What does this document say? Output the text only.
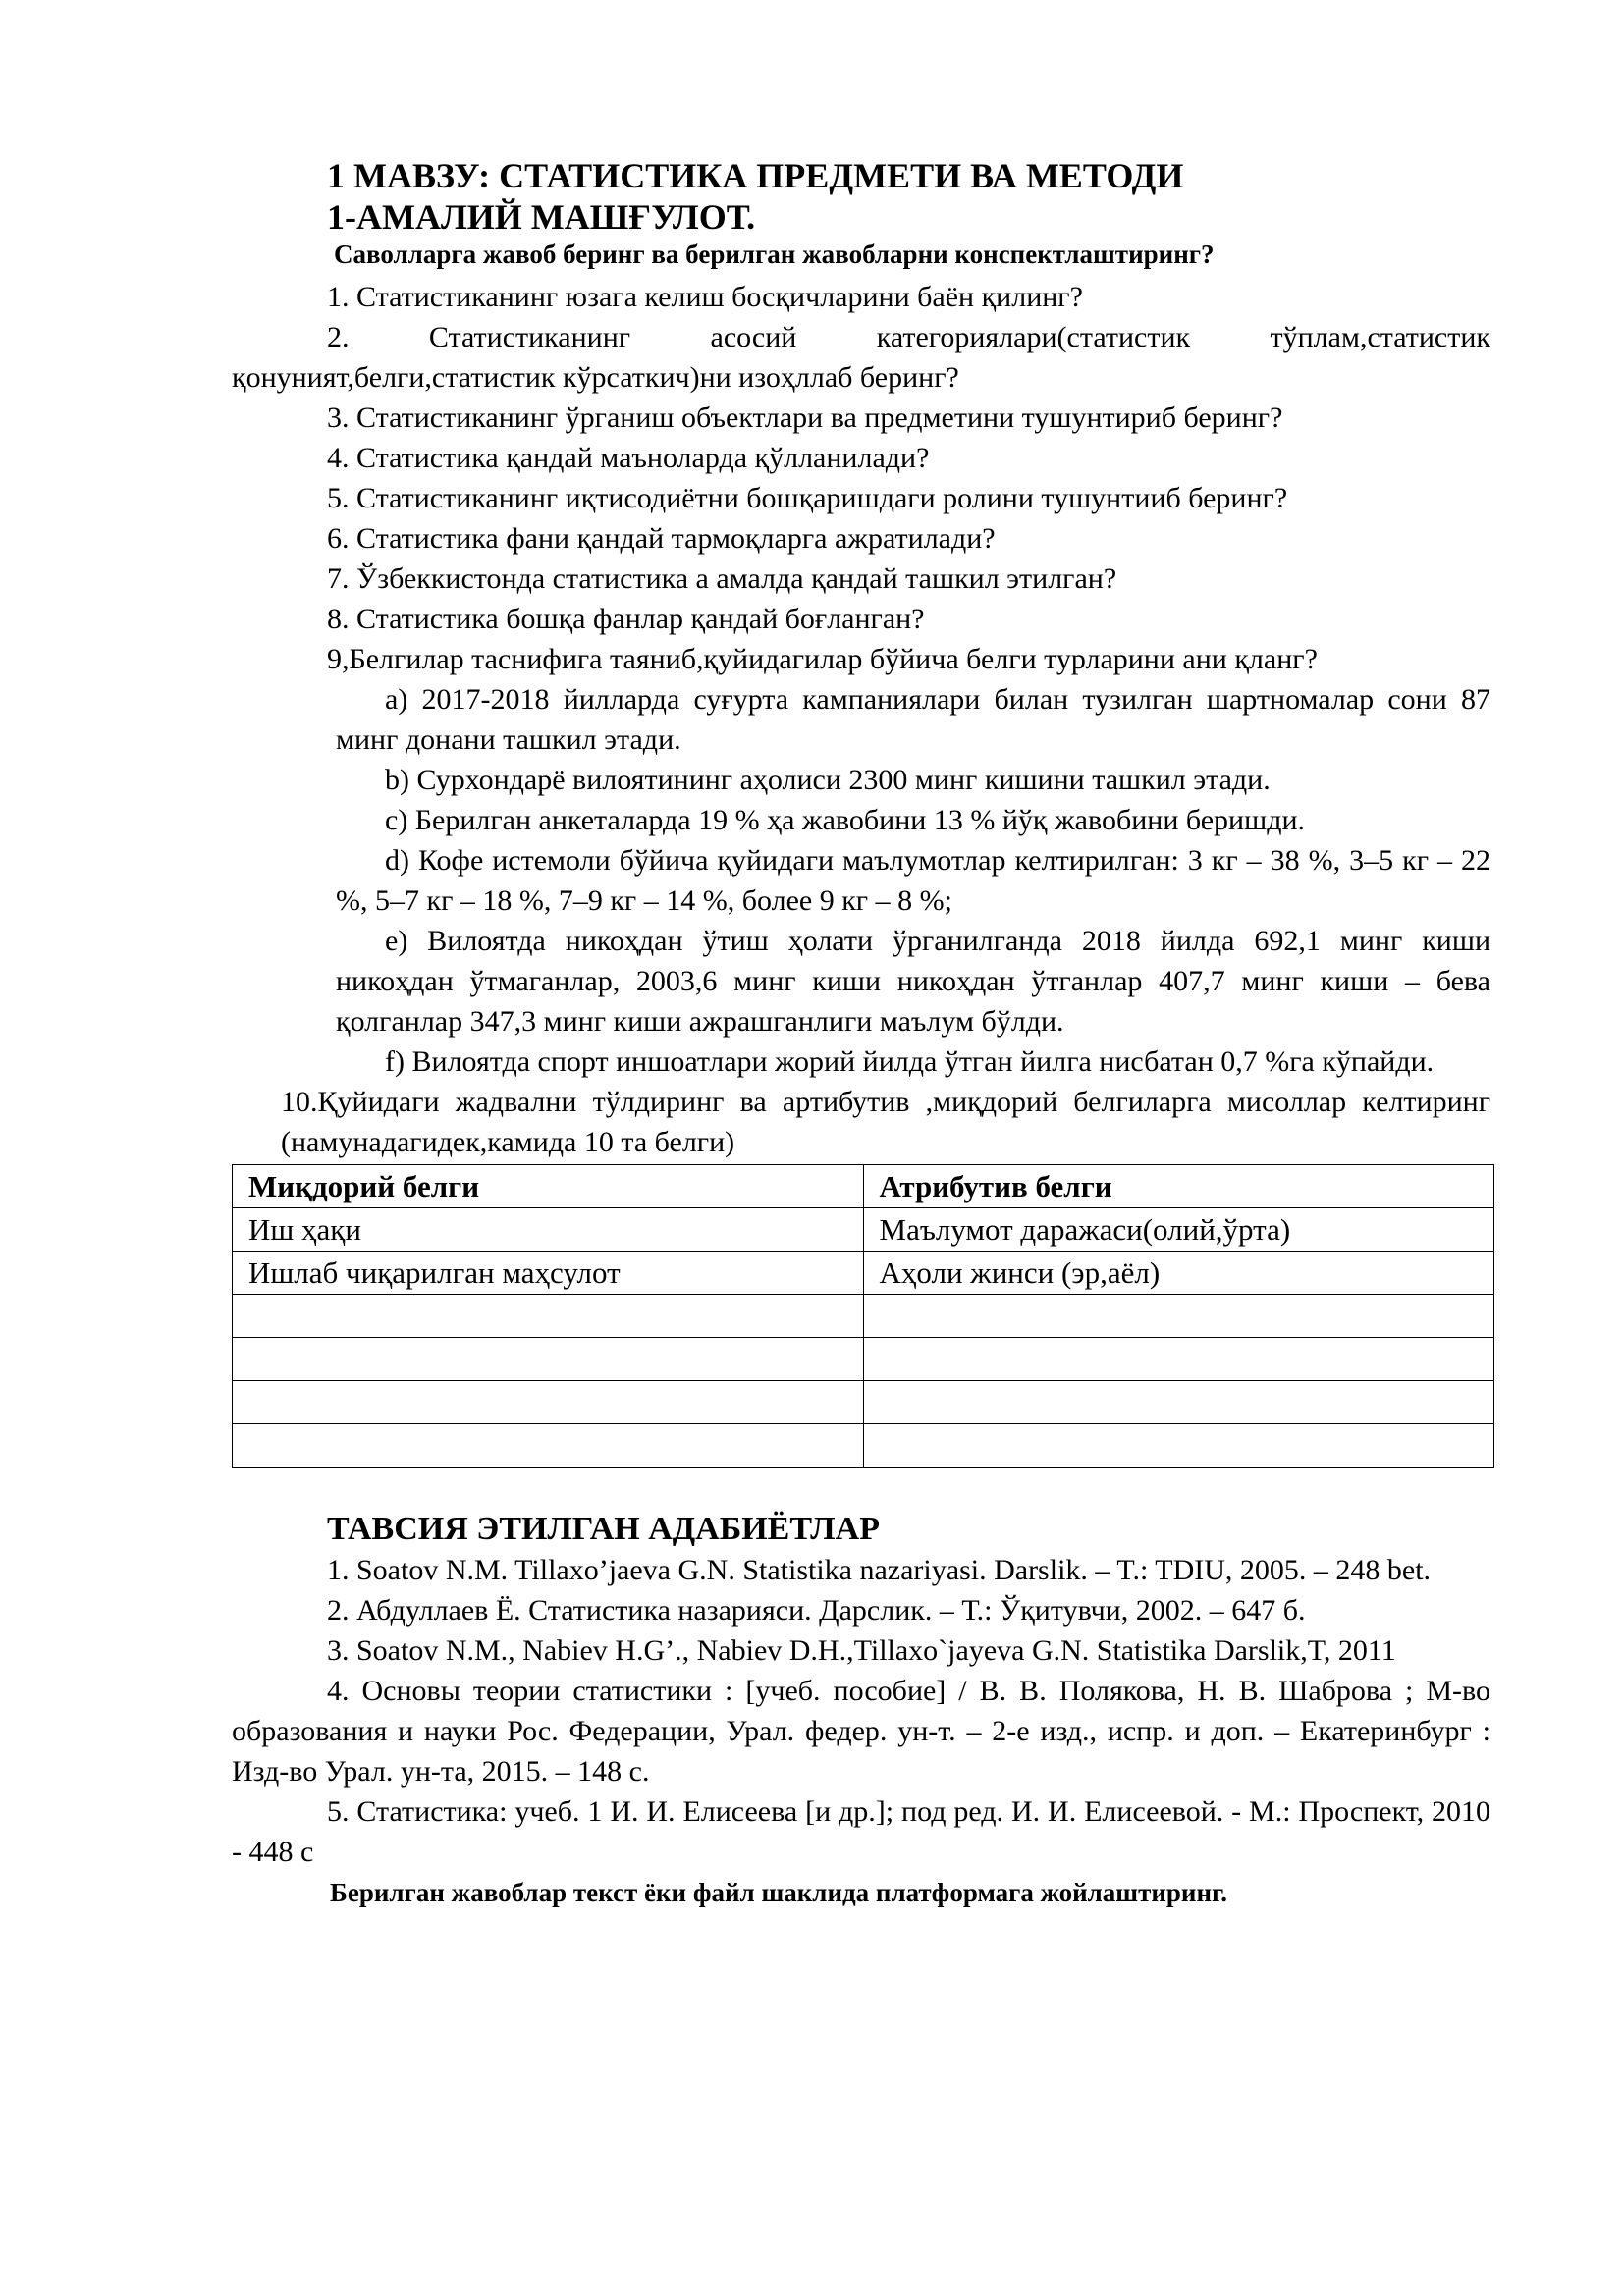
1 МАВЗУ: СТАТИСТИКА ПРЕДМЕТИ ВА МЕТОДИ
1-АМАЛИЙ МАШҒУЛОТ.
Саволларга жавоб беринг ва берилган жавобларни конспектлаштиринг?
1. Статистиканинг юзага келиш босқичларини баён қилинг?
2. Статистиканинг асосий категориялари(статистик тўплам,статистик қонуният,белги,статистик кўрсаткич)ни изоҳллаб беринг?
3. Статистиканинг ўрганиш объектлари ва предметини тушунтириб беринг?
4. Статистика қандай маъноларда қўлланилади?
5. Статистиканинг иқтисодиётни бошқаришдаги ролини тушунтииб беринг?
6. Статистика фани қандай тармоқларга ажратилади?
7. Ўзбеккистонда статистика а амалда қандай ташкил этилган?
8. Статистика бошқа фанлар қандай боғланган?
9,Белгилар таснифига таяниб,қуйидагилар бўйича белги турларини ани қланг?
a) 2017-2018 йилларда суғурта кампаниялари билан тузилган шартномалар сони 87 минг донани ташкил этади.
b) Сурхондарё вилоятининг аҳолиси 2300 минг кишини ташкил этади.
c) Берилган анкеталарда 19 % ҳа жавобини 13 % йўқ жавобини беришди.
d) Кофе истемоли бўйича қуйидаги маълумотлар келтирилган: 3 кг – 38 %, 3–5 кг – 22 %, 5–7 кг – 18 %, 7–9 кг – 14 %, более 9 кг – 8 %;
e) Вилоятда никоҳдан ўтиш ҳолати ўрганилганда 2018 йилда 692,1 минг киши никоҳдан ўтмаганлар, 2003,6 минг киши никоҳдан ўтганлар 407,7 минг киши – бева қолганлар 347,3 минг киши ажрашганлиги маълум бўлди.
f) Вилоятда спорт иншоатлари жорий йилда ўтган йилга нисбатан 0,7 %га кўпайди.
10.Қуйидаги жадвални тўлдиринг ва артибутив ,миқдорий белгиларга мисоллар келтиринг (намунадагидек,камида 10 та белги)
Миқдорий белги	Атрибутив белги
Иш ҳақи	Маълумот даражаси(олий,ўрта)
Ишлаб чиқарилган маҳсулот	Аҳоли жинси (эр,аёл)

ТАВСИЯ ЭТИЛГАН АДАБИЁТЛАР
1. Soatov N.M. Tillaxo’jaeva G.N. Statistika nazariyasi. Darslik. – T.: TDIU, 2005. – 248 bet.
2. Абдуллаев Ё. Статистика назарияси. Дарслик. – Т.: Ўқитувчи, 2002. – 647 б.
3. Soatov N.M., Nabiev H.G’., Nabiev D.H.,Tillaxo`jayeva G.N. Statistika Darslik,T, 2011
4. Основы теории статистики : [учеб. пособие] / В. В. Полякова, Н. В. Шаброва ; М-во образования и науки Рос. Федерации, Урал. федер. ун-т. – 2-е изд., испр. и доп. – Екатеринбург : Изд-во Урал. ун-та, 2015. – 148 с.
5. Статистика: учеб. 1 И. И. Елисеева [и др.]; под ред. И. И. Елисеевой. - М.: Проспект, 2010 - 448 с
Берилган жавоблар текст ёки файл шаклида платформага жойлаштиринг.
